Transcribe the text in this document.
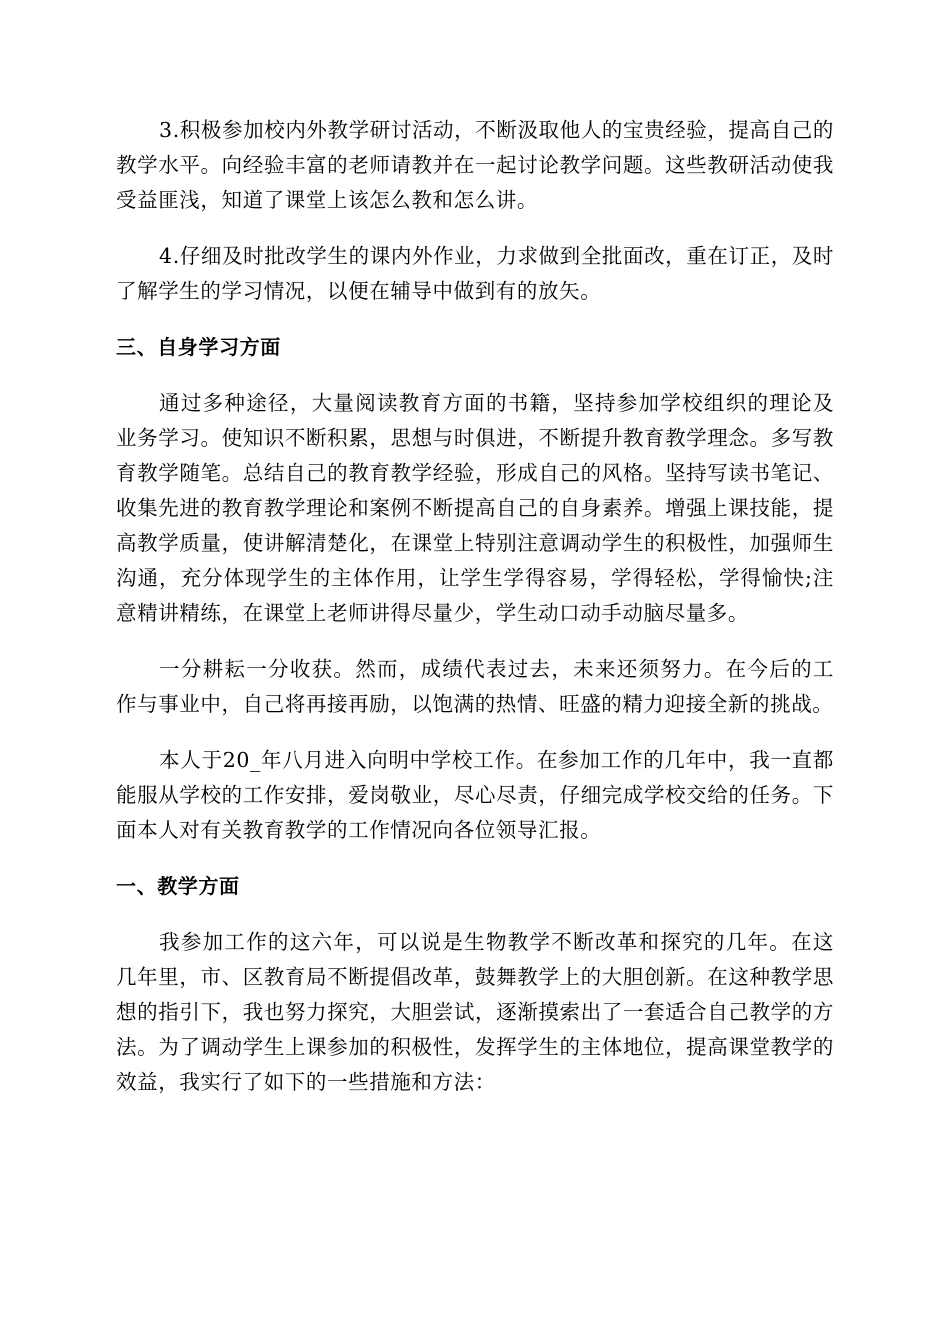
3.积极参加校内外教学研讨活动，不断汲取他人的宝贵经验，提高自己的教学水平。向经验丰富的老师请教并在一起讨论教学问题。这些教研活动使我受益匪浅，知道了课堂上该怎么教和怎么讲。

4.仔细及时批改学生的课内外作业，力求做到全批面改，重在订正，及时了解学生的学习情况，以便在辅导中做到有的放矢。

三、自身学习方面

通过多种途径，大量阅读教育方面的书籍，坚持参加学校组织的理论及业务学习。使知识不断积累，思想与时俱进，不断提升教育教学理念。多写教育教学随笔。总结自己的教育教学经验，形成自己的风格。坚持写读书笔记、收集先进的教育教学理论和案例不断提高自己的自身素养。增强上课技能，提高教学质量，使讲解清楚化，在课堂上特别注意调动学生的积极性，加强师生沟通，充分体现学生的主体作用，让学生学得容易，学得轻松，学得愉快;注意精讲精练，在课堂上老师讲得尽量少，学生动口动手动脑尽量多。

一分耕耘一分收获。然而，成绩代表过去，未来还须努力。在今后的工作与事业中，自己将再接再励，以饱满的热情、旺盛的精力迎接全新的挑战。

本人于20_年八月进入向明中学校工作。在参加工作的几年中，我一直都能服从学校的工作安排，爱岗敬业，尽心尽责，仔细完成学校交给的任务。下面本人对有关教育教学的工作情况向各位领导汇报。

一、教学方面

我参加工作的这六年，可以说是生物教学不断改革和探究的几年。在这几年里，市、区教育局不断提倡改革，鼓舞教学上的大胆创新。在这种教学思想的指引下，我也努力探究，大胆尝试，逐渐摸索出了一套适合自己教学的方法。为了调动学生上课参加的积极性，发挥学生的主体地位，提高课堂教学的效益，我实行了如下的一些措施和方法：
